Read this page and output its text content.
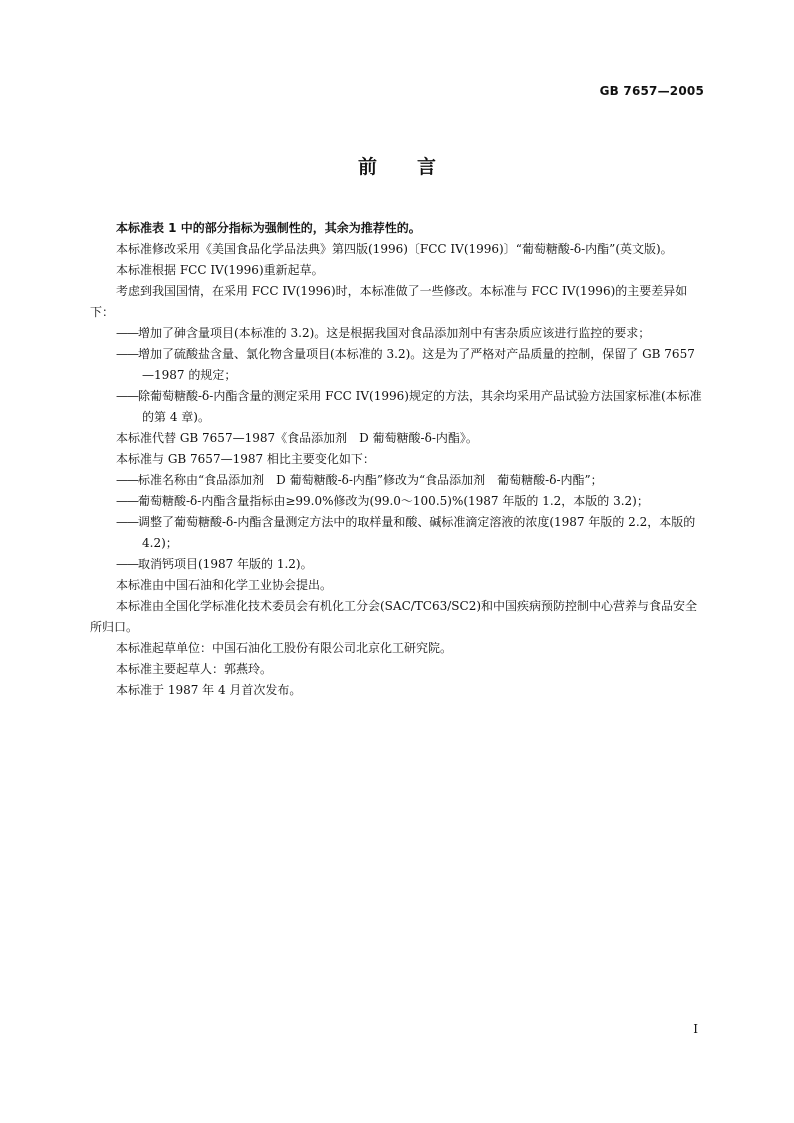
GB 7657—2005
前言

本标准表 1 中的部分指标为强制性的，其余为推荐性的。

本标准修改采用《美国食品化学品法典》第四版(1996)〔FCC IV(1996)〕“葡萄糖酸-δ-内酯”(英文版)。

本标准根据 FCC IV(1996)重新起草。

考虑到我国国情，在采用 FCC IV(1996)时，本标准做了一些修改。本标准与 FCC IV(1996)的主要差异如下：

——增加了砷含量项目(本标准的 3.2)。这是根据我国对食品添加剂中有害杂质应该进行监控的要求；

——增加了硫酸盐含量、氯化物含量项目(本标准的 3.2)。这是为了严格对产品质量的控制，保留了 GB 7657—1987 的规定；

——除葡萄糖酸-δ-内酯含量的测定采用 FCC IV(1996)规定的方法，其余均采用产品试验方法国家标准(本标准的第 4 章)。

本标准代替 GB 7657—1987《食品添加剂　D 葡萄糖酸-δ-内酯》。

本标准与 GB 7657—1987 相比主要变化如下：

——标准名称由“食品添加剂　D 葡萄糖酸-δ-内酯”修改为“食品添加剂　葡萄糖酸-δ-内酯”；

——葡萄糖酸-δ-内酯含量指标由≥99.0%修改为(99.0～100.5)%(1987 年版的 1.2，本版的 3.2)；

——调整了葡萄糖酸-δ-内酯含量测定方法中的取样量和酸、碱标准滴定溶液的浓度(1987 年版的 2.2，本版的 4.2)；

——取消钙项目(1987 年版的 1.2)。

本标准由中国石油和化学工业协会提出。

本标准由全国化学标准化技术委员会有机化工分会(SAC/TC63/SC2)和中国疾病预防控制中心营养与食品安全所归口。

本标准起草单位：中国石油化工股份有限公司北京化工研究院。

本标准主要起草人：郭燕玲。

本标准于 1987 年 4 月首次发布。

I
